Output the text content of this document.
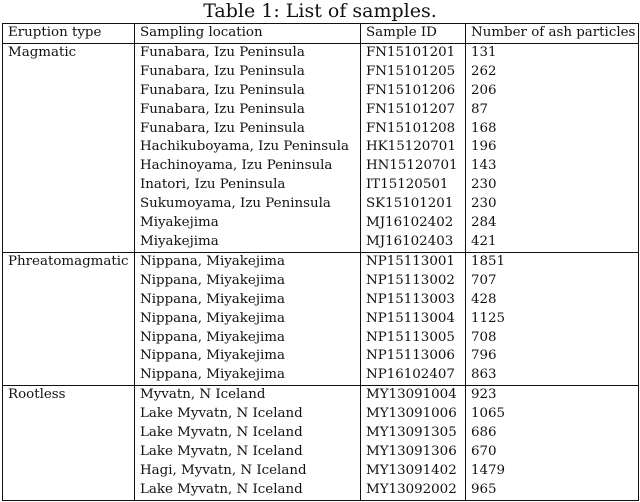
Table 1: List of samples.
Eruption type	Sampling location	Sample ID	Number of ash particles
Magmatic	Funabara, Izu Peninsula	FN15101201	131
	Funabara, Izu Peninsula	FN15101205	262
	Funabara, Izu Peninsula	FN15101206	206
	Funabara, Izu Peninsula	FN15101207	87
	Funabara, Izu Peninsula	FN15101208	168
	Hachikuboyama, Izu Peninsula	HK15120701	196
	Hachinoyama, Izu Peninsula	HN15120701	143
	Inatori, Izu Peninsula	IT15120501	230
	Sukumoyama, Izu Peninsula	SK15101201	230
	Miyakejima	MJ16102402	284
	Miyakejima	MJ16102403	421
Phreatomagmatic	Nippana, Miyakejima	NP15113001	1851
	Nippana, Miyakejima	NP15113002	707
	Nippana, Miyakejima	NP15113003	428
	Nippana, Miyakejima	NP15113004	1125
	Nippana, Miyakejima	NP15113005	708
	Nippana, Miyakejima	NP15113006	796
	Nippana, Miyakejima	NP16102407	863
Rootless	Myvatn, N Iceland	MY13091004	923
	Lake Myvatn, N Iceland	MY13091006	1065
	Lake Myvatn, N Iceland	MY13091305	686
	Lake Myvatn, N Iceland	MY13091306	670
	Hagi, Myvatn, N Iceland	MY13091402	1479
	Lake Myvatn, N Iceland	MY13092002	965
